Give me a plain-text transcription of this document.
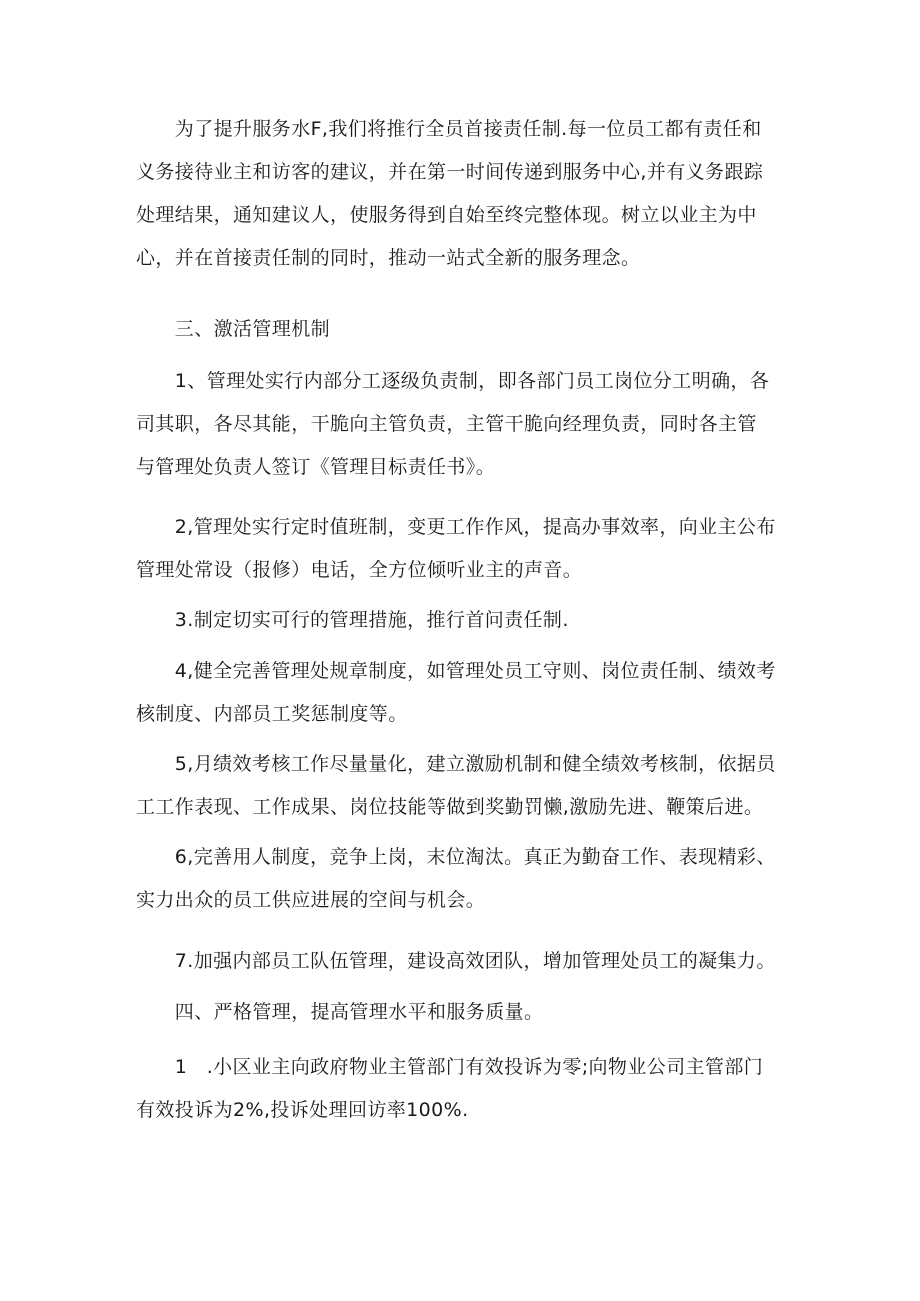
　　为了提升服务水F,我们将推行全员首接责任制.每一位员工都有责任和
义务接待业主和访客的建议，并在第一时间传递到服务中心,并有义务跟踪
处理结果，通知建议人，使服务得到自始至终完整体现。树立以业主为中
心，并在首接责任制的同时，推动一站式全新的服务理念。

　　三、激活管理机制

　　1、管理处实行内部分工逐级负责制，即各部门员工岗位分工明确，各
司其职，各尽其能，干脆向主管负责，主管干脆向经理负责，同时各主管
与管理处负责人签订《管理目标责任书》。

　　2,管理处实行定时值班制，变更工作作风，提高办事效率，向业主公布
管理处常设（报修）电话，全方位倾听业主的声音。

　　3.制定切实可行的管理措施，推行首问责任制.

　　4,健全完善管理处规章制度，如管理处员工守则、岗位责任制、绩效考
核制度、内部员工奖惩制度等。

　　5,月绩效考核工作尽量量化，建立激励机制和健全绩效考核制，依据员
工工作表现、工作成果、岗位技能等做到奖勤罚懒,激励先进、鞭策后进。

　　6,完善用人制度，竞争上岗，末位淘汰。真正为勤奋工作、表现精彩、
实力出众的员工供应进展的空间与机会。

　　7.加强内部员工队伍管理，建设高效团队，增加管理处员工的凝集力。

　　四、严格管理，提高管理水平和服务质量。

　　1　.小区业主向政府物业主管部门有效投诉为零;向物业公司主管部门
有效投诉为2%,投诉处理回访率100%.
